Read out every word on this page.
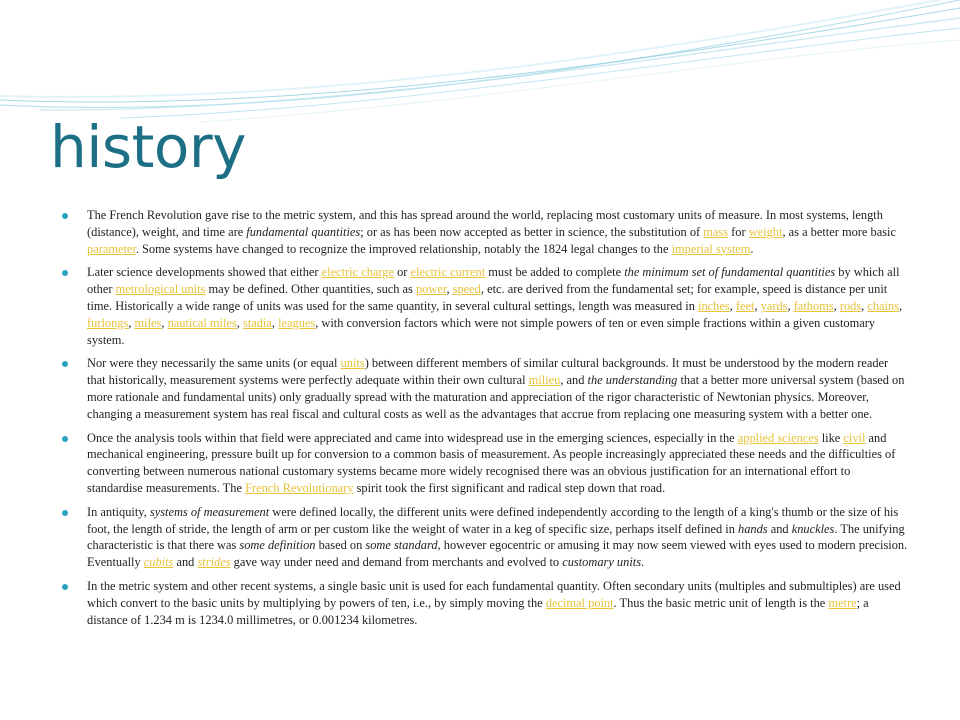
history
The French Revolution gave rise to the metric system, and this has spread around the world, replacing most customary units of measure. In most systems, length (distance), weight, and time are fundamental quantities; or as has been now accepted as better in science, the substitution of mass for weight, as a better more basic parameter. Some systems have changed to recognize the improved relationship, notably the 1824 legal changes to the imperial system.
Later science developments showed that either electric charge or electric current must be added to complete the minimum set of fundamental quantities by which all other metrological units may be defined. Other quantities, such as power, speed, etc. are derived from the fundamental set; for example, speed is distance per unit time. Historically a wide range of units was used for the same quantity, in several cultural settings, length was measured in inches, feet, yards, fathoms, rods, chains, furlongs, miles, nautical miles, stadia, leagues, with conversion factors which were not simple powers of ten or even simple fractions within a given customary system.
Nor were they necessarily the same units (or equal units) between different members of similar cultural backgrounds. It must be understood by the modern reader that historically, measurement systems were perfectly adequate within their own cultural milieu, and the understanding that a better more universal system (based on more rationale and fundamental units) only gradually spread with the maturation and appreciation of the rigor characteristic of Newtonian physics. Moreover, changing a measurement system has real fiscal and cultural costs as well as the advantages that accrue from replacing one measuring system with a better one.
Once the analysis tools within that field were appreciated and came into widespread use in the emerging sciences, especially in the applied sciences like civil and mechanical engineering, pressure built up for conversion to a common basis of measurement. As people increasingly appreciated these needs and the difficulties of converting between numerous national customary systems became more widely recognised there was an obvious justification for an international effort to standardise measurements. The French Revolutionary spirit took the first significant and radical step down that road.
In antiquity, systems of measurement were defined locally, the different units were defined independently according to the length of a king's thumb or the size of his foot, the length of stride, the length of arm or per custom like the weight of water in a keg of specific size, perhaps itself defined in hands and knuckles. The unifying characteristic is that there was some definition based on some standard, however egocentric or amusing it may now seem viewed with eyes used to modern precision. Eventually cubits and strides gave way under need and demand from merchants and evolved to customary units.
In the metric system and other recent systems, a single basic unit is used for each fundamental quantity. Often secondary units (multiples and submultiples) are used which convert to the basic units by multiplying by powers of ten, i.e., by simply moving the decimal point. Thus the basic metric unit of length is the metre; a distance of 1.234 m is 1234.0 millimetres, or 0.001234 kilometres.
